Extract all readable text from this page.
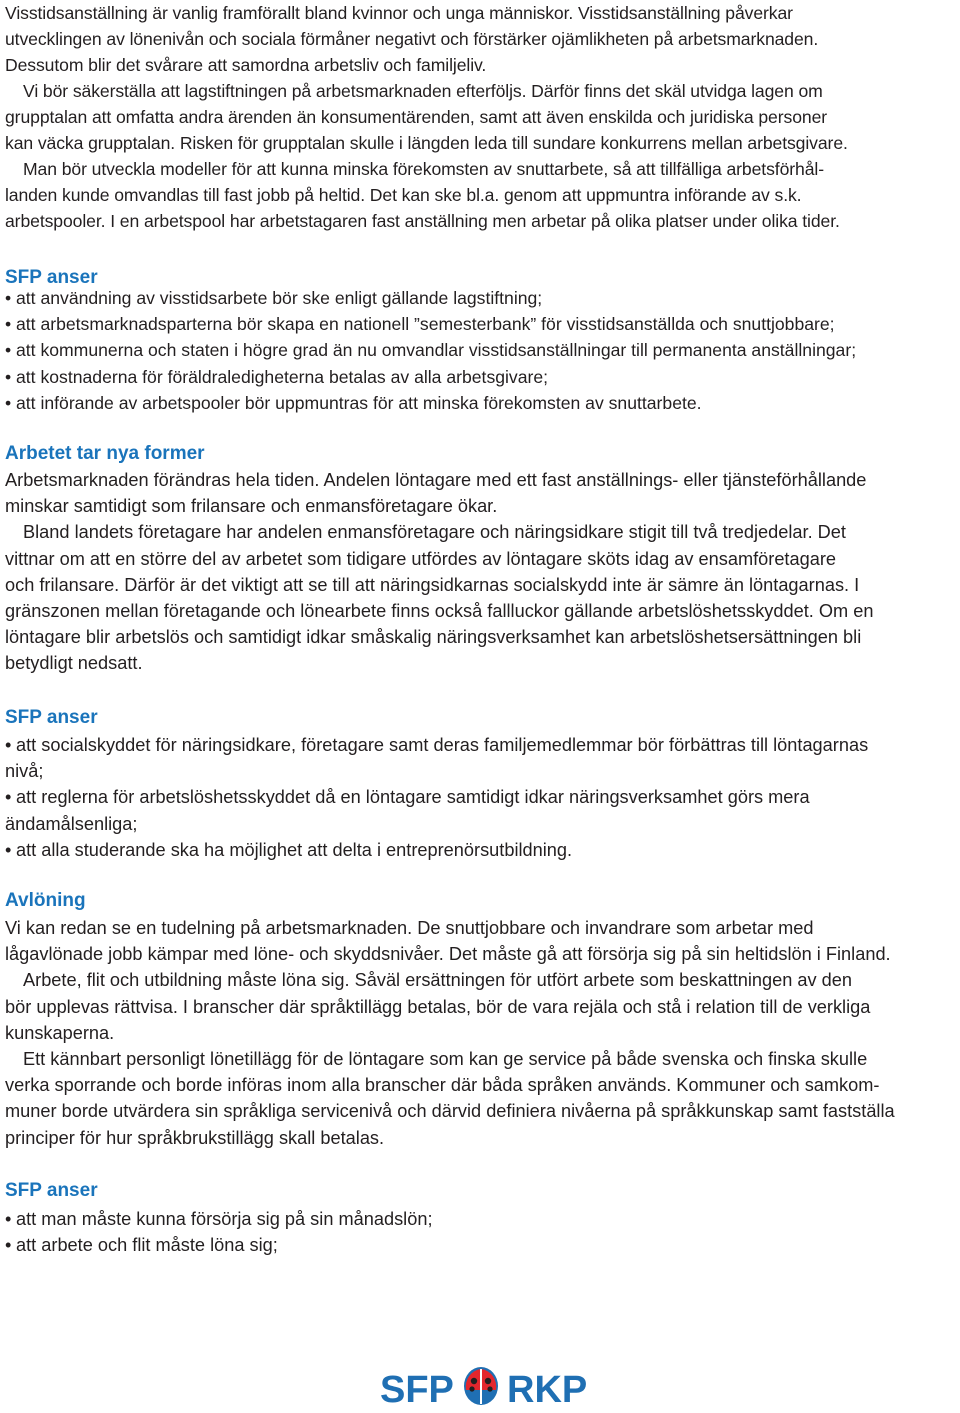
Visstidsanställning är vanlig framförallt bland kvinnor och unga människor. Visstidsanställning påverkar
utvecklingen av lönenivån och sociala förmåner negativt och förstärker ojämlikheten på arbetsmarknaden.
Dessutom blir det svårare att samordna arbetsliv och familjeliv.
Vi bör säkerställa att lagstiftningen på arbetsmarknaden efterföljs. Därför finns det skäl utvidga lagen om
grupptalan att omfatta andra ärenden än konsumentärenden, samt att även enskilda och juridiska personer
kan väcka grupptalan. Risken för grupptalan skulle i längden leda till sundare konkurrens mellan arbetsgivare.
Man bör utveckla modeller för att kunna minska förekomsten av snuttarbete, så att tillfälliga arbetsförhål-
landen kunde omvandlas till fast jobb på heltid. Det kan ske bl.a. genom att uppmuntra införande av s.k.
arbetspooler. I en arbetspool har arbetstagaren fast anställning men arbetar på olika platser under olika tider.
SFP anser
• att användning av visstidsarbete bör ske enligt gällande lagstiftning;
• att arbetsmarknadsparterna bör skapa en nationell ”semesterbank” för visstidsanställda och snuttjobbare;
• att kommunerna och staten i högre grad än nu omvandlar visstidsanställningar till permanenta anställningar;
• att kostnaderna för föräldraledigheterna betalas av alla arbetsgivare;
• att införande av arbetspooler bör uppmuntras för att minska förekomsten av snuttarbete.
Arbetet tar nya former
Arbetsmarknaden förändras hela tiden. Andelen löntagare med ett fast anställnings- eller tjänsteförhållande
minskar samtidigt som frilansare och enmansföretagare ökar.
Bland landets företagare har andelen enmansföretagare och näringsidkare stigit till två tredjedelar. Det
vittnar om att en större del av arbetet som tidigare utfördes av löntagare sköts idag av ensamföretagare
och frilansare. Därför är det viktigt att se till att näringsidkarnas socialskydd inte är sämre än löntagarnas. I
gränszonen mellan företagande och lönearbete finns också fallluckor gällande arbetslöshetsskyddet. Om en
löntagare blir arbetslös och samtidigt idkar småskalig näringsverksamhet kan arbetslöshetsersättningen bli
betydligt nedsatt.
SFP anser
• att socialskyddet för näringsidkare, företagare samt deras familjemedlemmar bör förbättras till löntagarnas
nivå;
• att reglerna för arbetslöshetsskyddet då en löntagare samtidigt idkar näringsverksamhet görs mera
ändamålsenliga;
• att alla studerande ska ha möjlighet att delta i entreprenörsutbildning.
Avlöning
Vi kan redan se en tudelning på arbetsmarknaden. De snuttjobbare och invandrare som arbetar med
lågavlönade jobb kämpar med löne- och skyddsnivåer. Det måste gå att försörja sig på sin heltidslön i Finland.
Arbete, flit och utbildning måste löna sig. Såväl ersättningen för utfört arbete som beskattningen av den
bör upplevas rättvisa. I branscher där språktillägg betalas, bör de vara rejäla och stå i relation till de verkliga
kunskaperna.
Ett kännbart personligt lönetillägg för de löntagare som kan ge service på både svenska och finska skulle
verka sporrande och borde införas inom alla branscher där båda språken används. Kommuner och samkom-
muner borde utvärdera sin språkliga servicenivå och därvid definiera nivåerna på språkkunskap samt fastställa
principer för hur språkbrukstillägg skall betalas.
SFP anser
• att man måste kunna försörja sig på sin månadslön;
• att arbete och flit måste löna sig;
SFP RKP
